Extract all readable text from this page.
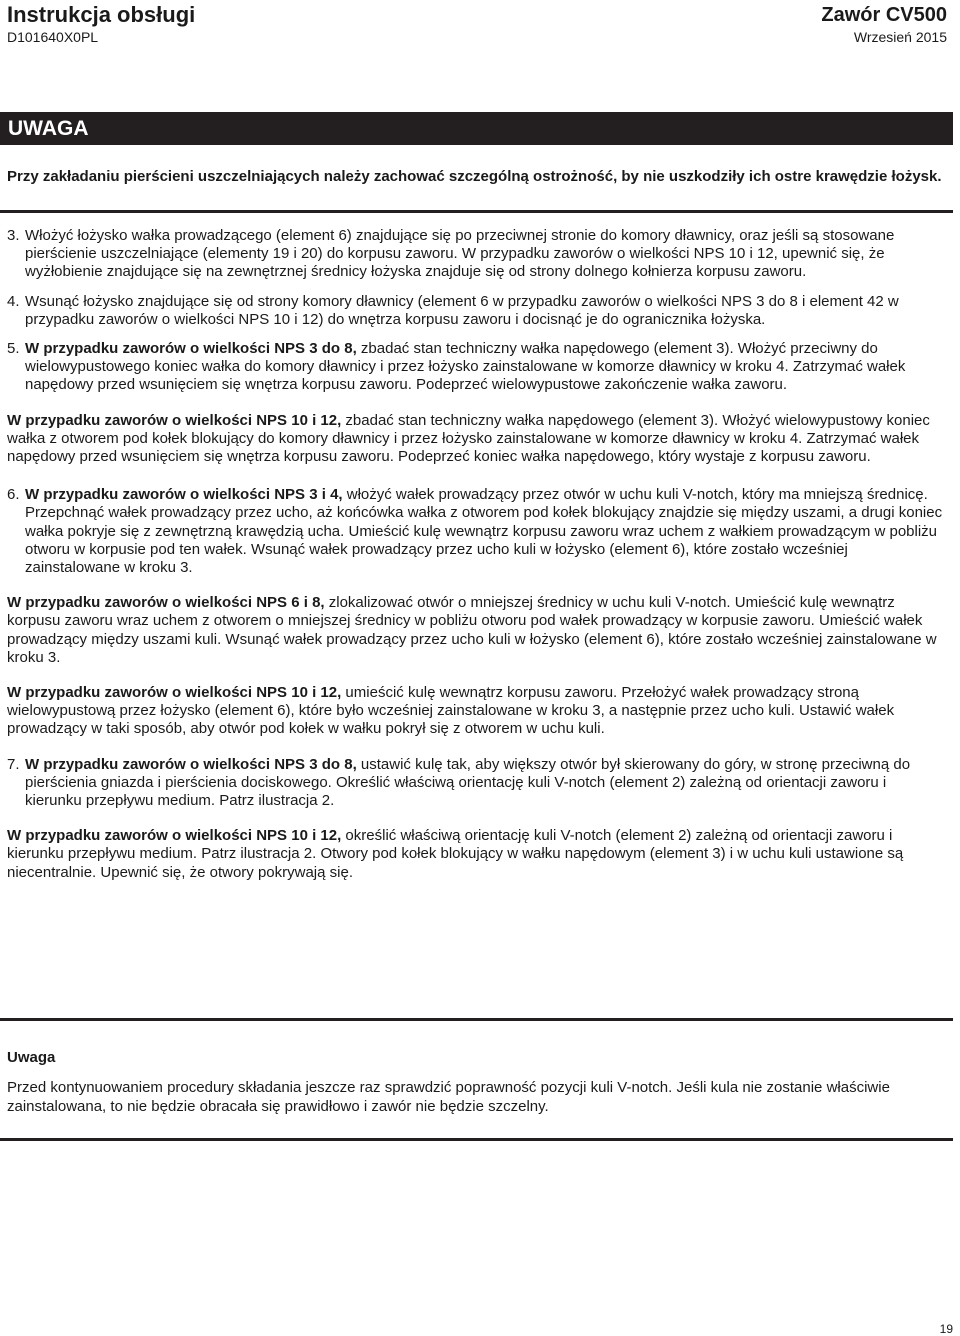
Instrukcja obsługi
D101640X0PL
Zawór CV500
Wrzesień 2015
UWAGA
Przy zakładaniu pierścieni uszczelniających należy zachować szczególną ostrożność, by nie uszkodziły ich ostre krawędzie łożysk.
3. Włożyć łożysko wałka prowadzącego (element 6) znajdujące się po przeciwnej stronie do komory dławnicy, oraz jeśli są stosowane pierścienie uszczelniające (elementy 19 i 20) do korpusu zaworu. W przypadku zaworów o wielkości NPS 10 i 12, upewnić się, że wyżłobienie znajdujące się na zewnętrznej średnicy łożyska znajduje się od strony dolnego kołnierza korpusu zaworu.

4. Wsunąć łożysko znajdujące się od strony komory dławnicy (element 6 w przypadku zaworów o wielkości NPS 3 do 8 i element 42 w przypadku zaworów o wielkości NPS 10 i 12) do wnętrza korpusu zaworu i docisnąć je do ogranicznika łożyska.

5. W przypadku zaworów o wielkości NPS 3 do 8, zbadać stan techniczny wałka napędowego (element 3). Włożyć przeciwny do wielowypustowego koniec wałka do komory dławnicy i przez łożysko zainstalowane w komorze dławnicy w kroku 4. Zatrzymać wałek napędowy przed wsunięciem się wnętrza korpusu zaworu. Podeprzeć wielowypustowe zakończenie wałka zaworu.

W przypadku zaworów o wielkości NPS 10 i 12, zbadać stan techniczny wałka napędowego (element 3). Włożyć wielowypustowy koniec wałka z otworem pod kołek blokujący do komory dławnicy i przez łożysko zainstalowane w komorze dławnicy w kroku 4. Zatrzymać wałek napędowy przed wsunięciem się wnętrza korpusu zaworu. Podeprzeć koniec wałka napędowego, który wystaje z korpusu zaworu.

6. W przypadku zaworów o wielkości NPS 3 i 4, włożyć wałek prowadzący przez otwór w uchu kuli V-notch, który ma mniejszą średnicę. Przepchnąć wałek prowadzący przez ucho, aż końcówka wałka z otworem pod kołek blokujący znajdzie się między uszami, a drugi koniec wałka pokryje się z zewnętrzną krawędzią ucha. Umieścić kulę wewnątrz korpusu zaworu wraz uchem z wałkiem prowadzącym w pobliżu otworu w korpusie pod ten wałek. Wsunąć wałek prowadzący przez ucho kuli w łożysko (element 6), które zostało wcześniej zainstalowane w kroku 3.

W przypadku zaworów o wielkości NPS 6 i 8, zlokalizować otwór o mniejszej średnicy w uchu kuli V-notch. Umieścić kulę wewnątrz korpusu zaworu wraz uchem z otworem o mniejszej średnicy w pobliżu otworu pod wałek prowadzący w korpusie zaworu. Umieścić wałek prowadzący między uszami kuli. Wsunąć wałek prowadzący przez ucho kuli w łożysko (element 6), które zostało wcześniej zainstalowane w kroku 3.

W przypadku zaworów o wielkości NPS 10 i 12, umieścić kulę wewnątrz korpusu zaworu. Przełożyć wałek prowadzący stroną wielowypustową przez łożysko (element 6), które było wcześniej zainstalowane w kroku 3, a następnie przez ucho kuli. Ustawić wałek prowadzący w taki sposób, aby otwór pod kołek w wałku pokrył się z otworem w uchu kuli.

7. W przypadku zaworów o wielkości NPS 3 do 8, ustawić kulę tak, aby większy otwór był skierowany do góry, w stronę przeciwną do pierścienia gniazda i pierścienia dociskowego. Określić właściwą orientację kuli V-notch (element 2) zależną od orientacji zaworu i kierunku przepływu medium. Patrz ilustracja 2.

W przypadku zaworów o wielkości NPS 10 i 12, określić właściwą orientację kuli V-notch (element 2) zależną od orientacji zaworu i kierunku przepływu medium. Patrz ilustracja 2. Otwory pod kołek blokujący w wałku napędowym (element 3) i w uchu kuli ustawione są niecentralnie. Upewnić się, że otwory pokrywają się.

Uwaga
Przed kontynuowaniem procedury składania jeszcze raz sprawdzić poprawność pozycji kuli V-notch. Jeśli kula nie zostanie właściwie zainstalowana, to nie będzie obracała się prawidłowo i zawór nie będzie szczelny.
19
